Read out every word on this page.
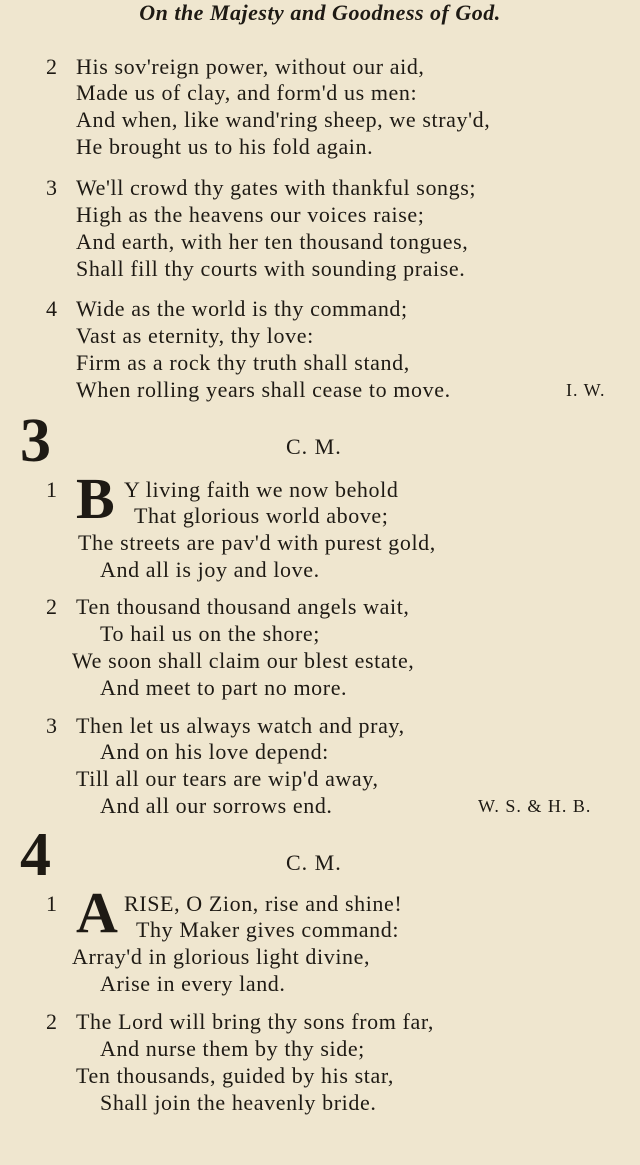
On the Majesty and Goodness of God.
2 His sov'reign power, without our aid,
Made us of clay, and form'd us men:
And when, like wand'ring sheep, we stray'd,
He brought us to his fold again.
3 We'll crowd thy gates with thankful songs;
High as the heavens our voices raise;
And earth, with her ten thousand tongues,
Shall fill thy courts with sounding praise.
4 Wide as the world is thy command;
Vast as eternity, thy love:
Firm as a rock thy truth shall stand,
When rolling years shall cease to move.	I. W.
3	C. M.
1 B Y living faith we now behold
That glorious world above;
The streets are pav'd with purest gold,
And all is joy and love.
2 Ten thousand thousand angels wait,
To hail us on the shore;
We soon shall claim our blest estate,
And meet to part no more.
3 Then let us always watch and pray,
And on his love depend:
Till all our tears are wip'd away,
And all our sorrows end.	W. S. & H. B.
4	C. M.
1 A RISE, O Zion, rise and shine!
Thy Maker gives command:
Array'd in glorious light divine,
Arise in every land.
2 The Lord will bring thy sons from far,
And nurse them by thy side;
Ten thousands, guided by his star,
Shall join the heavenly bride.
